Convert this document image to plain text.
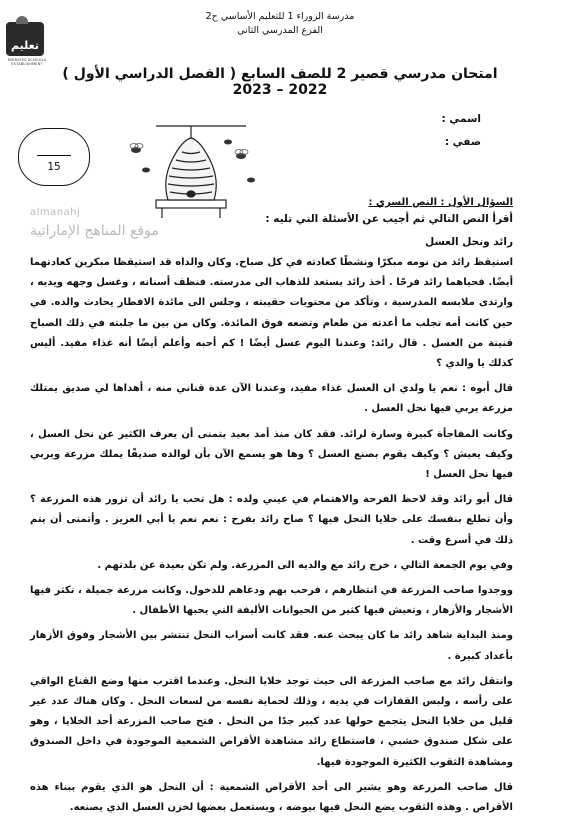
مدرسة الزوراء 1 للتعليم الأساسي ح2
الفرع المدرسي الثاني
تعليم
EMIRATES SCHOOLS ESTABLISHMENT
امتحان مدرسي قصير 2 للصف السابع ( الفصل الدراسي الأول ) 2022 – 2023
اسمي :
صفي :
15
almanahj
موقع المناهج الإماراتية
السؤال الأول : النص السري :
أقرأ النص التالي ثم أجيب عن الأسئلة التي تليه :
رائد ونحل العسل

استيقظ رائد من نومه مبكرًا ونشطًا كعادته في كل صباح. وكان والداه قد استيقظا مبكرين كعادتهما أيضًا. فحياهما رائد فرحًا . أخذ رائد يستعد للذهاب الى مدرسته. فنظف أسنانه ، وغسل وجهه ويديه ، وارتدى ملابسه المدرسية ، وتأكد من محتويات حقيبته ، وجلس الى مائدة الافطار يحادث والده. في حين كانت أمه تجلب ما أعدته من طعام وتضعه فوق المائدة. وكان من بين ما جلبته في ذلك الصباح قنينة من العسل . قال رائد: وعندنا اليوم عسل أيضًا ! كم أحبه وأعلم أيضًا أنه غذاء مفيد. أليس كذلك يا والدي ؟

قال أبوه : نعم يا ولدي ان العسل غذاء مفيد، وعندنا الآن عدة قناني منه ، أهداها لي صديق يمتلك مزرعة يربي فيها نحل العسل .

وكانت المفاجأة كبيرة وسارة لرائد. فقد كان منذ أمد بعيد يتمنى أن يعرف الكثير عن نحل العسل ، وكيف يعيش ؟ وكيف يقوم بصنع العسل ؟ وها هو يسمع الآن بأن لوالده صديقًا يملك مزرعة ويربي فيها نحل العسل !

قال أبو رائد وقد لاحظ الفرحة والاهتمام في عيني ولده : هل تحب يا رائد أن تزور هذه المزرعة ؟ وأن تطلع بنفسك على خلايا النحل فيها ؟ صاح رائد بفرح : نعم نعم يا أبي العزيز . وأتمنى أن يتم ذلك في أسرع وقت .

وفي يوم الجمعة التالي ، خرج رائد مع والديه الى المزرعة. ولم تكن بعيدة عن بلدتهم .

ووجدوا صاحب المزرعة في انتظارهم ، فرحب بهم ودعاهم للدخول. وكانت مزرعة جميلة ، تكثر فيها الأشجار والأزهار ، وتعيش فيها كثير من الحيوانات الأليفة التي يحبها الأطفال .

ومنذ البداية شاهد رائد ما كان يبحث عنه. فقد كانت أسراب النحل تنتشر بين الأشجار وفوق الأزهار بأعداد كبيرة .

وانتقل رائد مع صاحب المزرعة الى حيث توجد خلايا النحل. وعندما اقترب منها وضع القناع الواقي على رأسه ، ولبس القفازات في يديه ، وذلك لحماية نفسه من لسعات النحل . وكان هناك عدد غير قليل من خلايا النحل يتجمع حولها عدد كبير جدًا من النحل . فتح صاحب المزرعة أحد الخلايا ، وهو على شكل صندوق خشبي ، فاستطاع رائد مشاهدة الأقراص الشمعية الموجودة في داخل الصندوق ومشاهدة الثقوب الكثيرة الموجودة فيها.

قال صاحب المزرعة وهو يشير الى أحد الأقراص الشمعية : أن النحل هو الذي يقوم ببناء هذه الأقراص . وهذه الثقوب يضع النحل فيها بيوضه ، ويستعمل بعضها لخزن العسل الذي يصنعه.
